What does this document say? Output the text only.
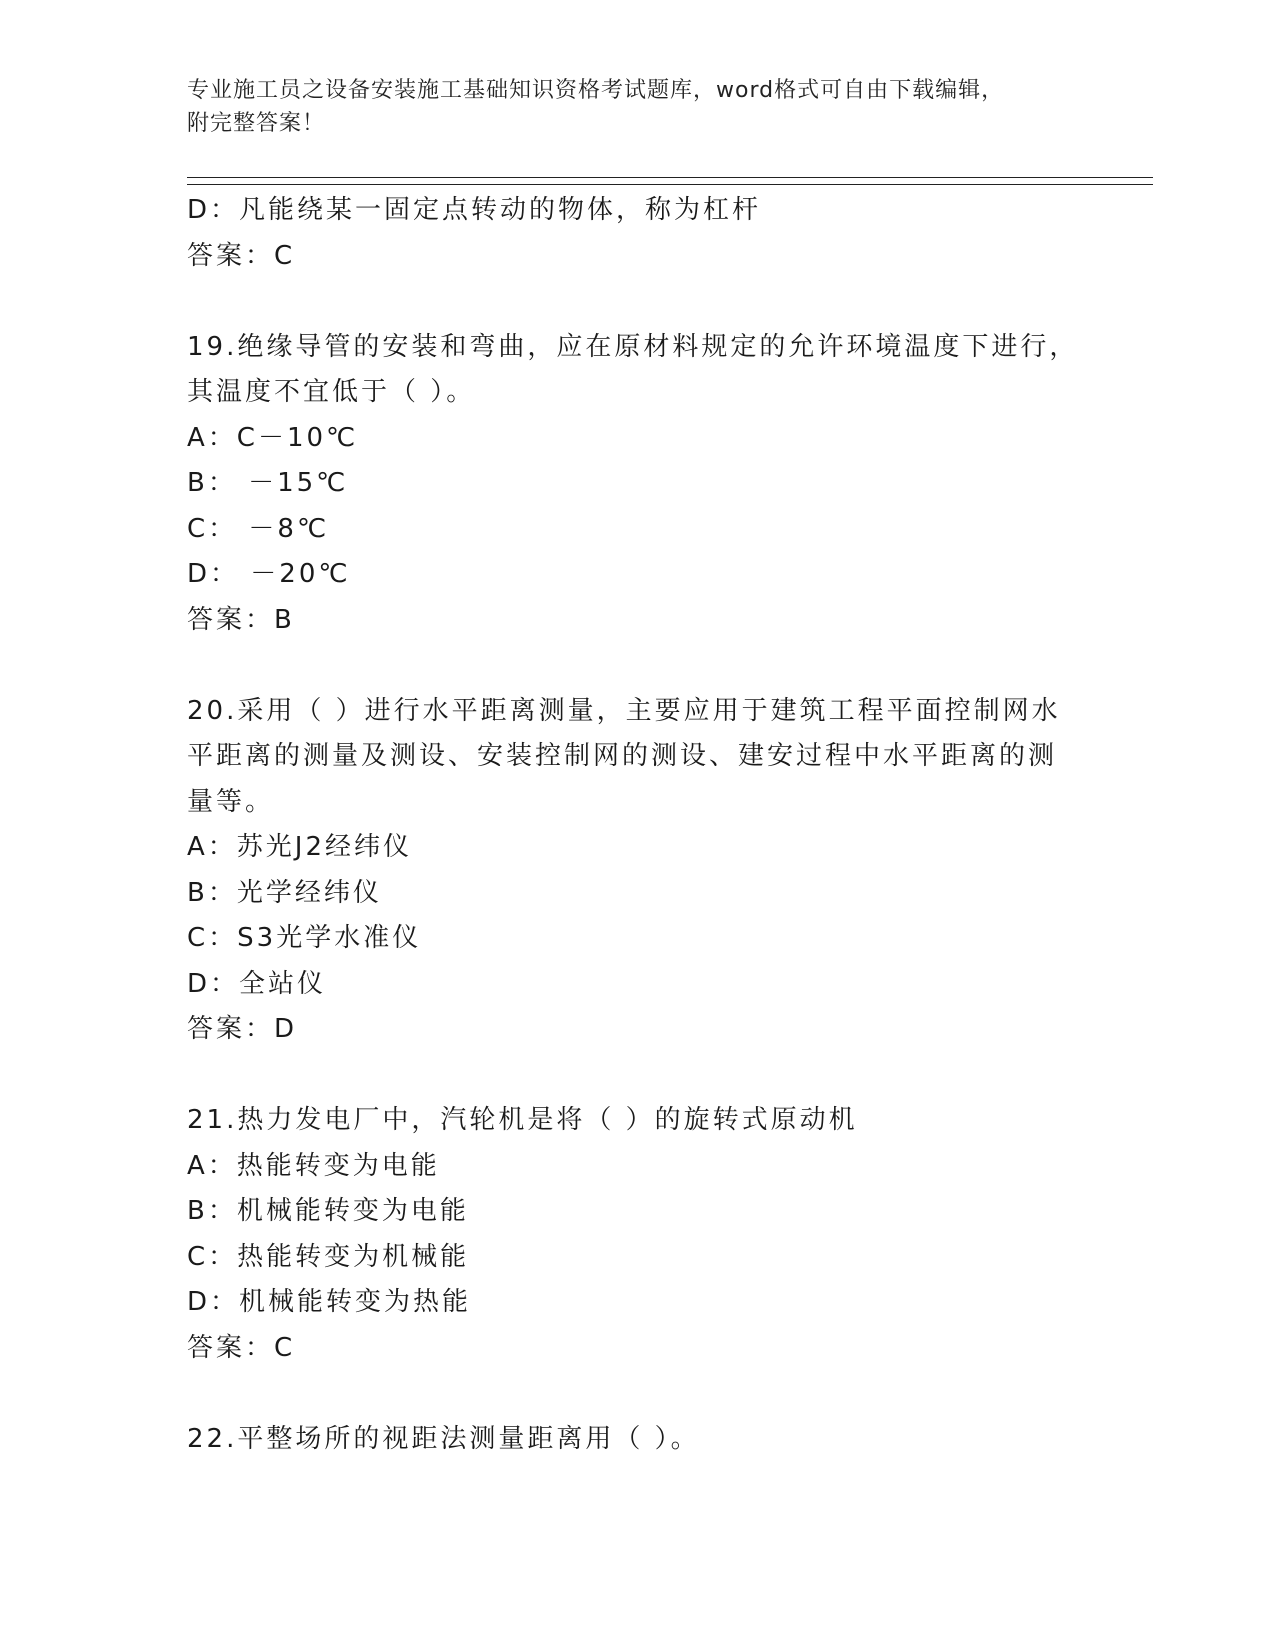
专业施工员之设备安装施工基础知识资格考试题库，word格式可自由下载编辑，
附完整答案！
D：凡能绕某一固定点转动的物体，称为杠杆
答案：C
19.绝缘导管的安装和弯曲，应在原材料规定的允许环境温度下进行，
其温度不宜低于（ ）。
A：C－10℃
B： －15℃
C： －8℃
D： －20℃
答案：B
20.采用（ ）进行水平距离测量，主要应用于建筑工程平面控制网水
平距离的测量及测设、安装控制网的测设、建安过程中水平距离的测
量等。
A：苏光J2经纬仪
B：光学经纬仪
C：S3光学水准仪
D：全站仪
答案：D
21.热力发电厂中，汽轮机是将（ ）的旋转式原动机
A：热能转变为电能
B：机械能转变为电能
C：热能转变为机械能
D：机械能转变为热能
答案：C
22.平整场所的视距法测量距离用（ ）。
